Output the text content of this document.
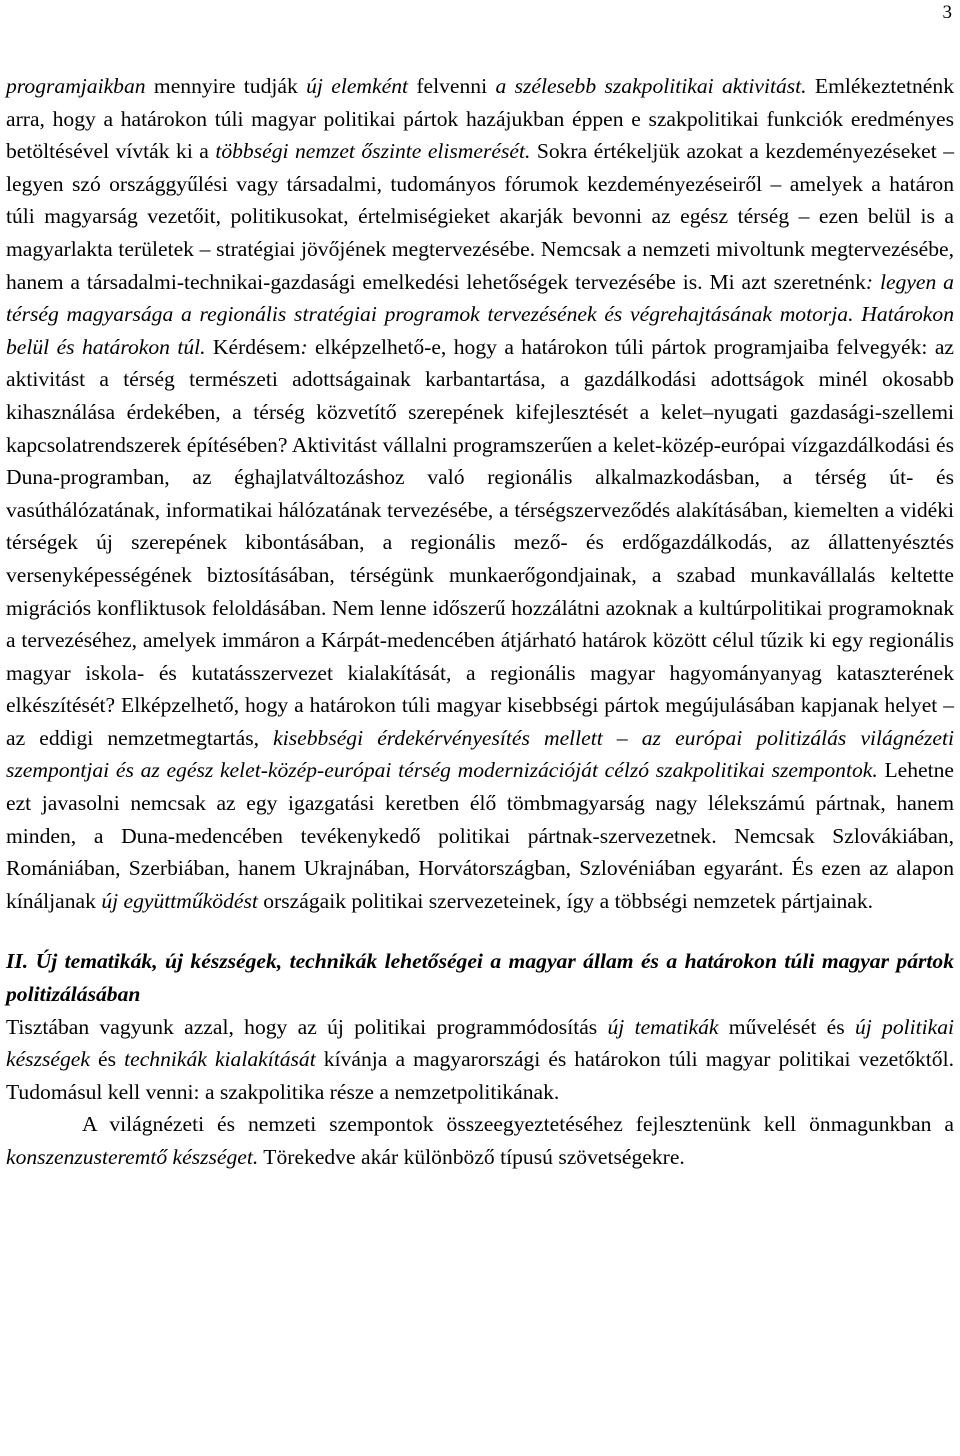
3

programjaikban mennyire tudják új elemként felvenni a szélesebb szakpolitikai aktivitást. Emlékeztetnénk arra, hogy a határokon túli magyar politikai pártok hazájukban éppen e szakpolitikai funkciók eredményes betöltésével vívták ki a többségi nemzet őszinte elismerését. Sokra értékeljük azokat a kezdeményezéseket – legyen szó országgyűlési vagy társadalmi, tudományos fórumok kezdeményezéseiről – amelyek a határon túli magyarság vezetőit, politikusokat, értelmiségieket akarják bevonni az egész térség – ezen belül is a magyarlakta területek – stratégiai jövőjének megtervezésébe. Nemcsak a nemzeti mivoltunk megtervezésébe, hanem a társadalmi-technikai-gazdasági emelkedési lehetőségek tervezésébe is. Mi azt szeretnénk: legyen a térség magyarsága a regionális stratégiai programok tervezésének és végrehajtásának motorja. Határokon belül és határokon túl. Kérdésem: elképzelhető-e, hogy a határokon túli pártok programjaiba felvegyék: az aktivitást a térség természeti adottságainak karbantartása, a gazdálkodási adottságok minél okosabb kihasználása érdekében, a térség közvetítő szerepének kifejlesztését a kelet–nyugati gazdasági-szellemi kapcsolatrendszerek építésében? Aktivitást vállalni programszerűen a kelet-közép-európai vízgazdálkodási és Duna-programban, az éghajlatváltozáshoz való regionális alkalmazkodásban, a térség út- és vasúthálózatának, informatikai hálózatának tervezésébe, a térségszerveződés alakításában, kiemelten a vidéki térségek új szerepének kibontásában, a regionális mező- és erdőgazdálkodás, az állattenyésztés versenyképességének biztosításában, térségünk munkaerőgondjainak, a szabad munkavállalás keltette migrációs konfliktusok feloldásában. Nem lenne időszerű hozzálátni azoknak a kultúrpolitikai programoknak a tervezéséhez, amelyek immáron a Kárpát-medencében átjárható határok között célul tűzik ki egy regionális magyar iskola- és kutatásszervezet kialakítását, a regionális magyar hagyományanyag kataszterének elkészítését? Elképzelhető, hogy a határokon túli magyar kisebbségi pártok megújulásában kapjanak helyet – az eddigi nemzetmegtartás, kisebbségi érdekérvényesítés mellett – az európai politizálás világnézeti szempontjai és az egész kelet-közép-európai térség modernizációját célzó szakpolitikai szempontok. Lehetne ezt javasolni nemcsak az egy igazgatási keretben élő tömbmagyarság nagy lélekszámú pártnak, hanem minden, a Duna-medencében tevékenykedő politikai pártnak-szervezetnek. Nemcsak Szlovákiában, Romániában, Szerbiában, hanem Ukrajnában, Horvátországban, Szlovéniában egyaránt. És ezen az alapon kínáljanak új együttműködést országaik politikai szervezeteinek, így a többségi nemzetek pártjainak.

II. Új tematikák, új készségek, technikák lehetőségei a magyar állam és a határokon túli magyar pártok politizálásában

Tisztában vagyunk azzal, hogy az új politikai programmódosítás új tematikák művelését és új politikai készségek és technikák kialakítását kívánja a magyarországi és határokon túli magyar politikai vezetőktől. Tudomásul kell venni: a szakpolitika része a nemzetpolitikának.

A világnézeti és nemzeti szempontok összeegyeztetéséhez fejlesztenünk kell önmagunkban a konszenzusteremtő készséget. Törekedve akár különböző típusú szövetségekre.
